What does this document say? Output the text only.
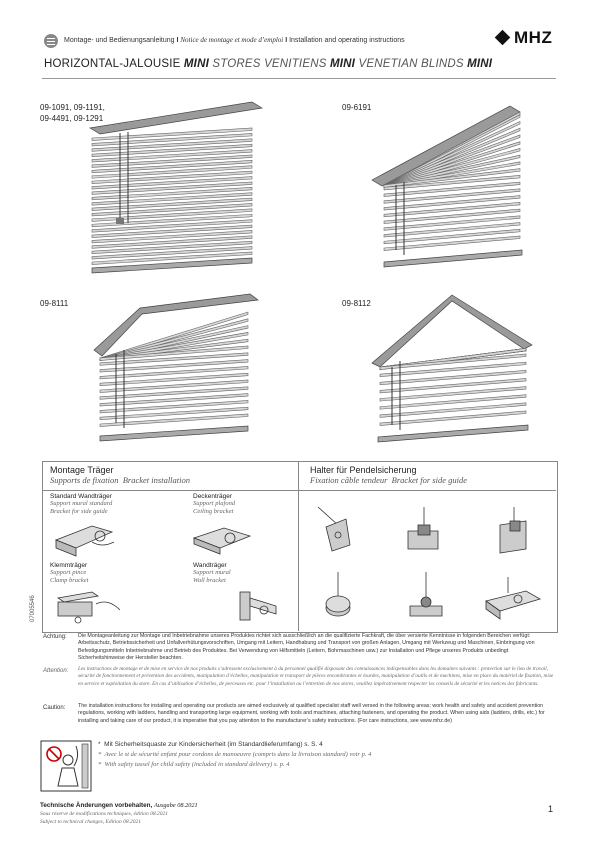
Montage- und Bedienungsanleitung I Notice de montage et mode d’emploi I Installation and operating instructions	MHZ
HORIZONTAL-JALOUSIE MINI STORES VENITIENS MINI VENETIAN BLINDS MINI
09-1091, 09-1191,
09-4491, 09-1291
09-6191
09-8111	09-8112
Montage Träger
Supports de fixation Bracket installation
Halter für Pendelsicherung
Fixation câble tendeur Bracket for side guide
Standard Wandträger
Support mural standard
Bracket for side guide
Deckenträger
Support plafond
Ceiling bracket
Klemmträger
Support pince
Clamp bracket
Wandträger
Support mural
Wall bracket
07005546
Achtung: Die Montageanleitung zur Montage und Inbetriebnahme unseres Produktes richtet sich ausschließlich an die qualifizierte Fachkraft, die über versierte Kenntnisse in folgenden Bereichen verfügt: Arbeitsschutz, Betriebssicherheit und Unfallverhütungsvorschriften, Umgang mit Leitern, Handhabung und Transport von großen Anlagen, Umgang mit Werkzeug und Maschinen, Einbringung von Befestigungsmitteln Inbetriebnahme und Betrieb des Produktes. Bei Verwendung von Hilfsmitteln (Leitern, Bohrmaschinen usw.) zur Installation und Pflege unseres Produkts unbedingt Sicherheitshinweise der Hersteller beachten.
Attention: Les instructions de montage et de mise en service de nos produits s’adressent exclusivement à du personnel qualifié disposant des connaissances indispensables dans les domaines suivants : protection sur le lieu de travail, sécurité de fonctionnement et prévention des accidents, manipulation d’échelles, manipulation et transport de pièces encombrantes et lourdes, manipulation d’outils et de machines, mise en place du matériel de fixation, mise en service et exploitation du store. En cas d’utilisation d’échelles, de perceuses etc. pour l’installation ou l’entretien de nos stores, veuillez impérativement respecter les conseils de sécurité et les notices des fabricants.
Caution: The installation instructions for installing and operating our products are aimed exclusively at qualified specialist staff well versed in the following areas: work health and safety and accident prevention regulations, working with ladders, handling and transporting large equipment, working with tools and machines, attaching fasteners, and operating the product. When using aids (ladders, drills, etc.) for installing and taking care of our product, it is imperative that you pay attention to the manufacturer’s safety instructions. (For care instructions, see www.mhz.de)
* Mit Sicherheitsquaste zur Kindersicherheit (im Standardlieferumfang) s. S. 4
* Avec le st de sécurité enfant pour cordons de manoeuvre (compris dans la livraison standard) voir p. 4
* With safety tassel for child safety (included in standard delivery) s. p. 4
Technische Änderungen vorbehalten, Ausgabe 08.2021
Sous réserve de modifications techniques, édition 08.2021
Subject to technical changes, Edition 08.2021
1
